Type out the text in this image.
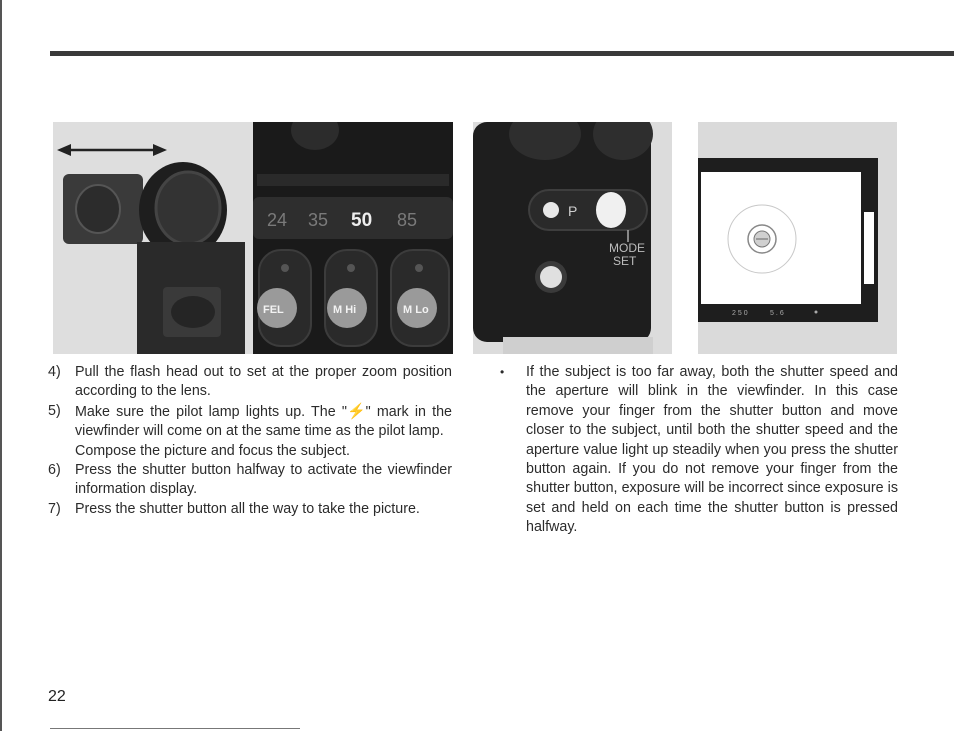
24 35 50 85
FEL	M Hi	M Lo
P
MODE
SET
250	5.6
4) Pull the flash head out to set at the proper zoom position according to the lens.
5) Make sure the pilot lamp lights up. The "⚡" mark in the viewfinder will come on at the same time as the pilot lamp.
Compose the picture and focus the subject.
6) Press the shutter button halfway to activate the viewfinder information display.
7) Press the shutter button all the way to take the picture.
•	If the subject is too far away, both the shutter speed and the aperture will blink in the viewfinder. In this case remove your finger from the shutter button and move closer to the subject, until both the shutter speed and the aperture value light up steadily when you press the shutter button again. If you do not remove your finger from the shutter button, exposure will be incorrect since exposure is set and held on each time the shutter button is pressed halfway.
22
